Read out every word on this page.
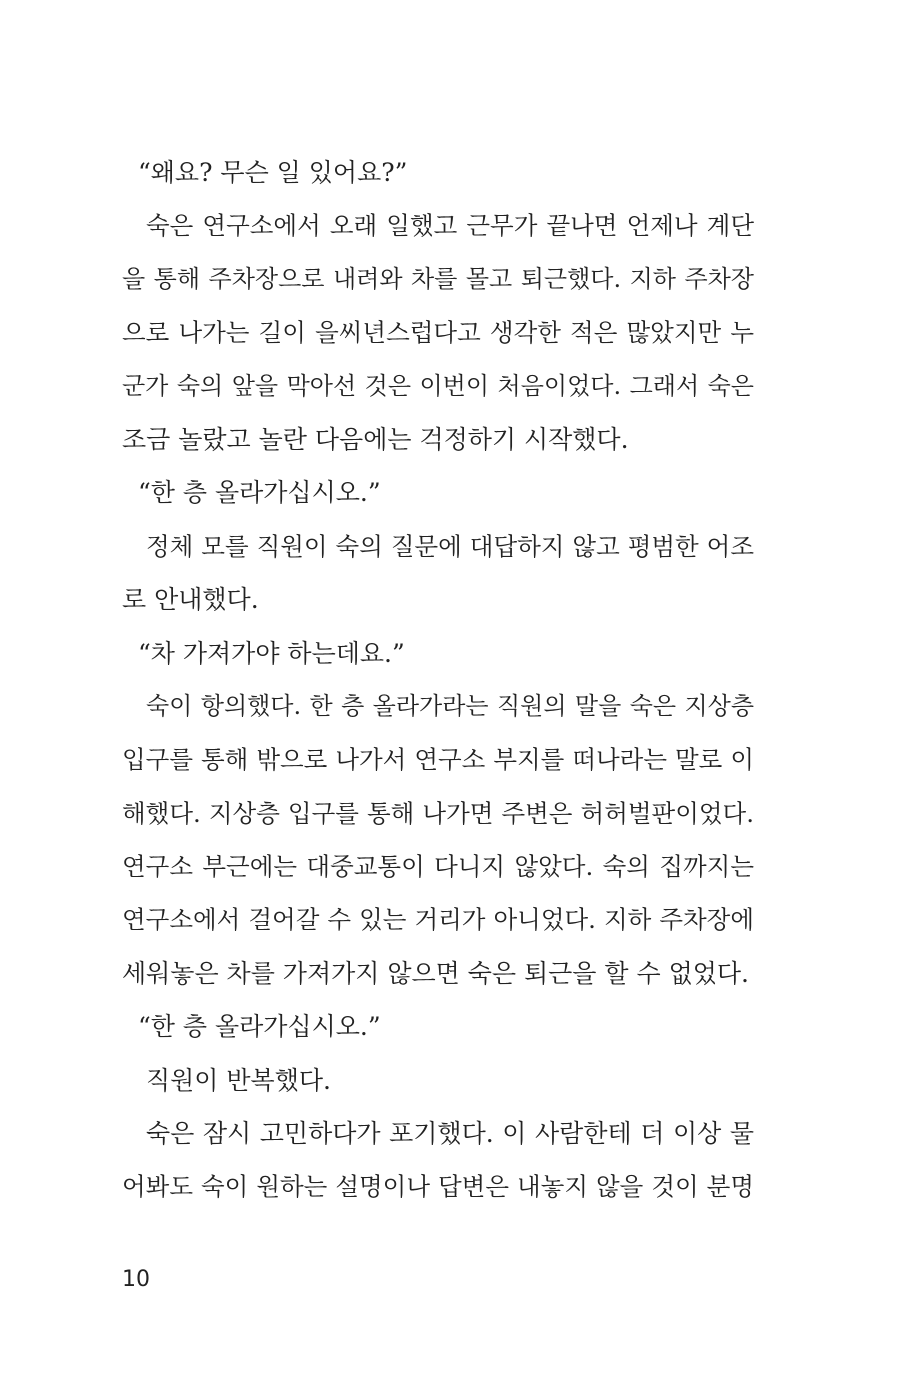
“왜요? 무슨 일 있어요?”
숙은 연구소에서 오래 일했고 근무가 끝나면 언제나 계단
을 통해 주차장으로 내려와 차를 몰고 퇴근했다. 지하 주차장
으로 나가는 길이 을씨년스럽다고 생각한 적은 많았지만 누
군가 숙의 앞을 막아선 것은 이번이 처음이었다. 그래서 숙은
조금 놀랐고 놀란 다음에는 걱정하기 시작했다.
“한 층 올라가십시오.”
정체 모를 직원이 숙의 질문에 대답하지 않고 평범한 어조
로 안내했다.
“차 가져가야 하는데요.”
숙이 항의했다. 한 층 올라가라는 직원의 말을 숙은 지상층
입구를 통해 밖으로 나가서 연구소 부지를 떠나라는 말로 이
해했다. 지상층 입구를 통해 나가면 주변은 허허벌판이었다.
연구소 부근에는 대중교통이 다니지 않았다. 숙의 집까지는
연구소에서 걸어갈 수 있는 거리가 아니었다. 지하 주차장에
세워놓은 차를 가져가지 않으면 숙은 퇴근을 할 수 없었다.
“한 층 올라가십시오.”
직원이 반복했다.
숙은 잠시 고민하다가 포기했다. 이 사람한테 더 이상 물
어봐도 숙이 원하는 설명이나 답변은 내놓지 않을 것이 분명
10
